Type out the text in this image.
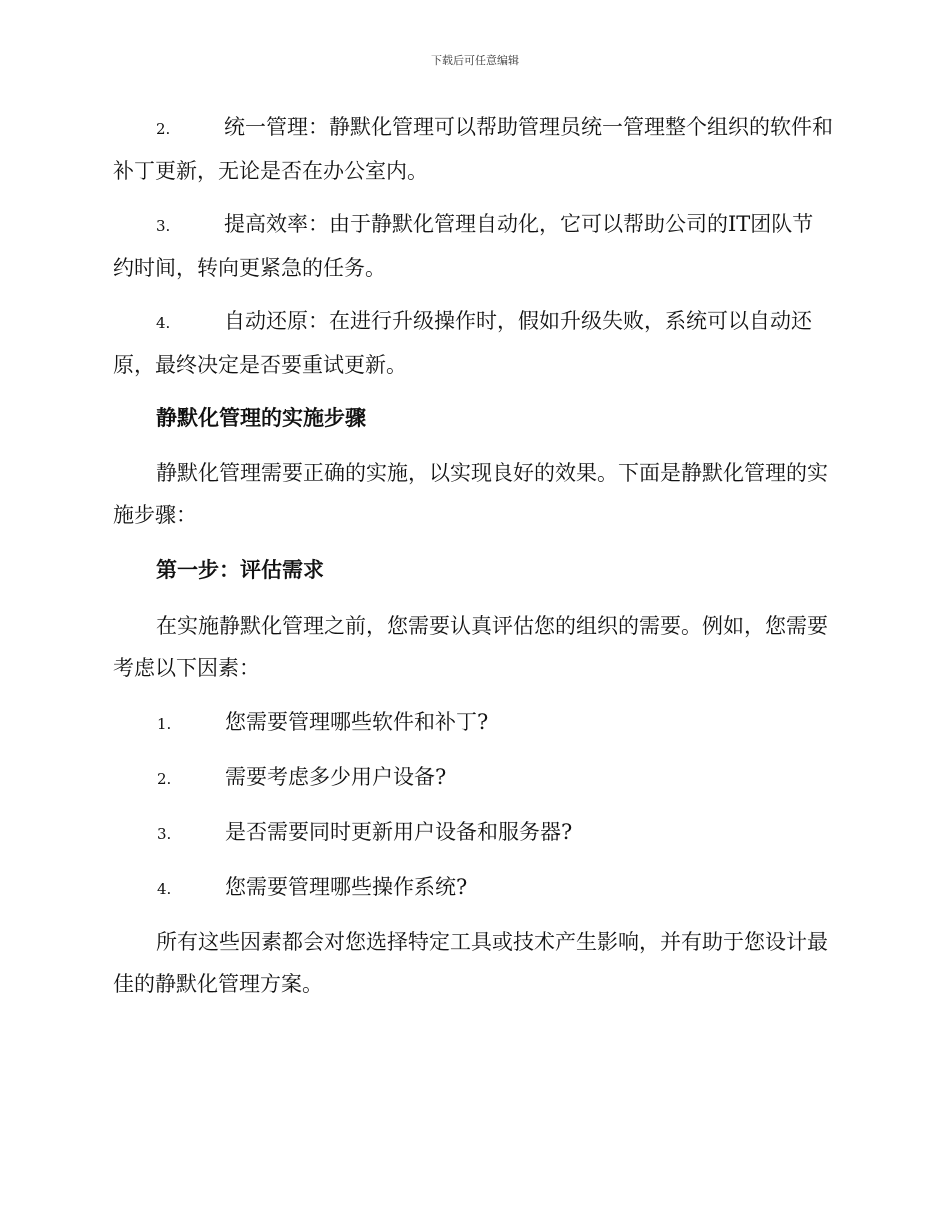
下载后可任意编辑
2.	统一管理：静默化管理可以帮助管理员统一管理整个组织的软件和补丁更新，无论是否在办公室内。
3.	提高效率：由于静默化管理自动化，它可以帮助公司的IT团队节约时间，转向更紧急的任务。
4.	自动还原：在进行升级操作时，假如升级失败，系统可以自动还原，最终决定是否要重试更新。
静默化管理的实施步骤
静默化管理需要正确的实施，以实现良好的效果。下面是静默化管理的实施步骤：
第一步：评估需求
在实施静默化管理之前，您需要认真评估您的组织的需要。例如，您需要考虑以下因素：
1.	您需要管理哪些软件和补丁?
2.	需要考虑多少用户设备?
3.	是否需要同时更新用户设备和服务器?
4.	您需要管理哪些操作系统?
所有这些因素都会对您选择特定工具或技术产生影响，并有助于您设计最佳的静默化管理方案。
